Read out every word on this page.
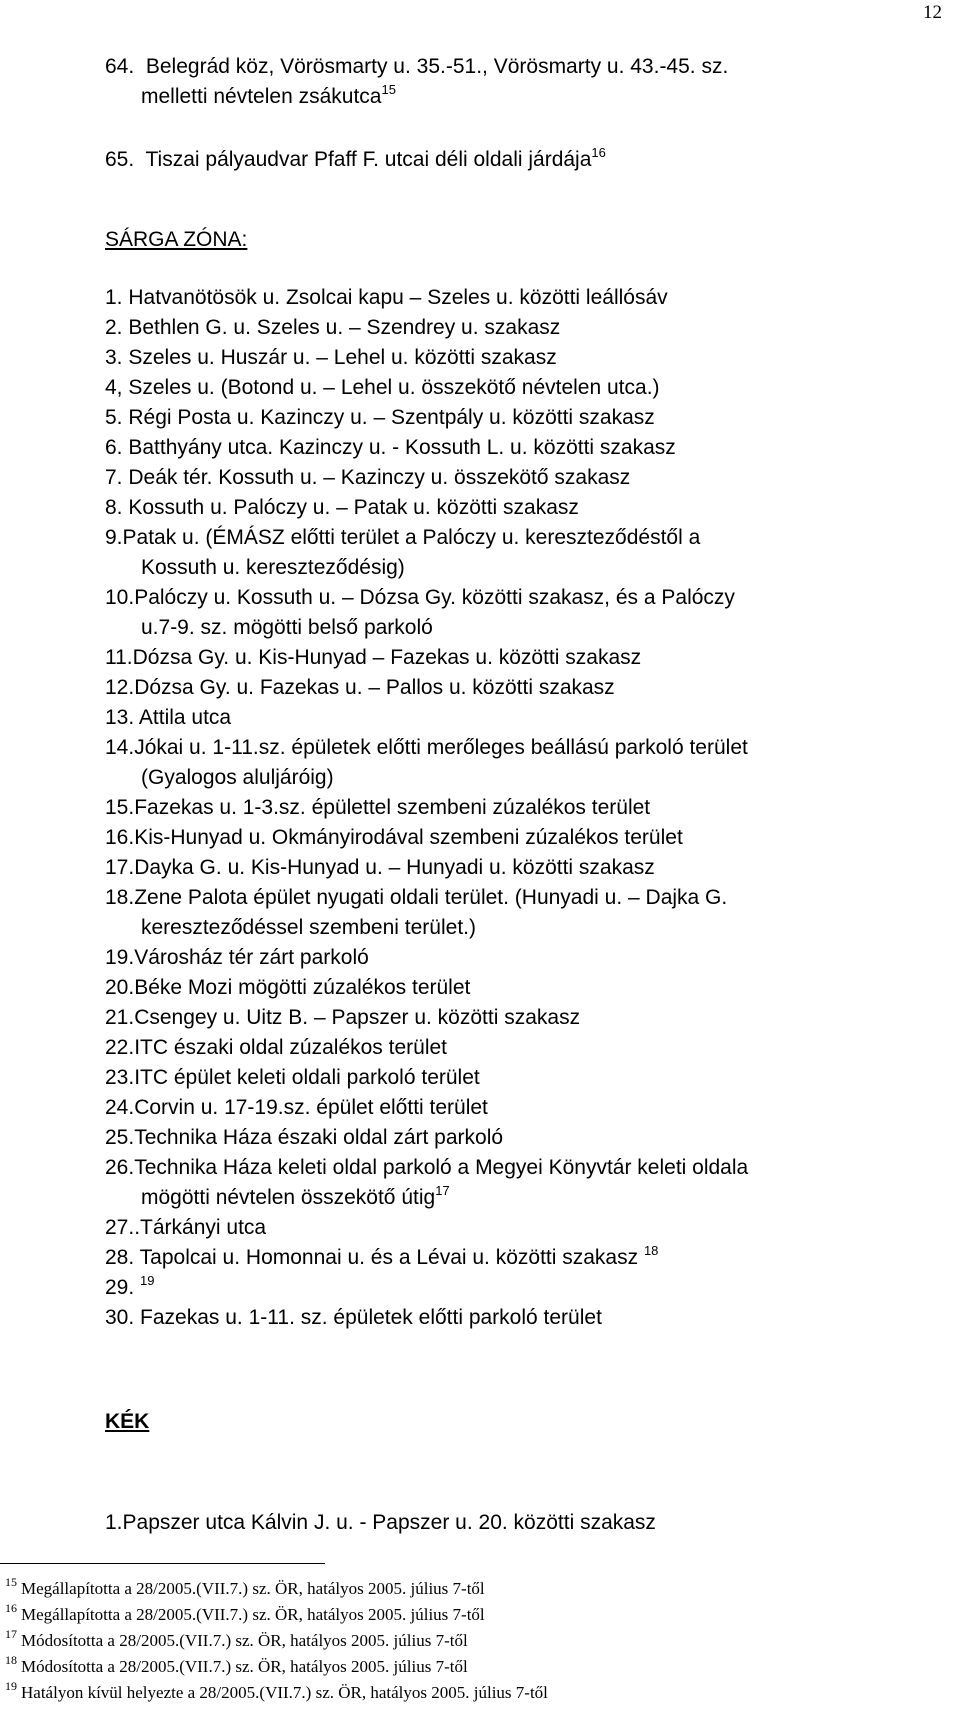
12
64. Belegrád köz, Vörösmarty u. 35.-51., Vörösmarty u. 43.-45. sz.
melletti névtelen zsákutca$^{15}$
65. Tiszai pályaudvar Pfaff F. utcai déli oldali járdája$^{16}$
SÁRGA ZÓNA:
1. Hatvanötösök u. Zsolcai kapu – Szeles u. közötti leállósáv
2. Bethlen G. u. Szeles u. – Szendrey u. szakasz
3. Szeles u. Huszár u. – Lehel u. közötti szakasz
4, Szeles u. (Botond u. – Lehel u. összekötő névtelen utca.)
5. Régi Posta u. Kazinczy u. – Szentpály u. közötti szakasz
6. Batthyány utca. Kazinczy u. - Kossuth L. u. közötti szakasz
7. Deák tér. Kossuth u. – Kazinczy u. összekötő szakasz
8. Kossuth u. Palóczy u. – Patak u. közötti szakasz
9.Patak u. (ÉMÁSZ előtti terület a Palóczy u. kereszteződéstől a
Kossuth u. kereszteződésig)
10.Palóczy u. Kossuth u. – Dózsa Gy. közötti szakasz, és a Palóczy
u.7-9. sz. mögötti belső parkoló
11.Dózsa Gy. u. Kis-Hunyad – Fazekas u. közötti szakasz
12.Dózsa Gy. u. Fazekas u. – Pallos u. közötti szakasz
13. Attila utca
14.Jókai u. 1-11.sz. épületek előtti merőleges beállású parkoló terület
(Gyalogos aluljáróig)
15.Fazekas u. 1-3.sz. épülettel szembeni zúzalékos terület
16.Kis-Hunyad u. Okmányirodával szembeni zúzalékos terület
17.Dayka G. u. Kis-Hunyad u. – Hunyadi u. közötti szakasz
18.Zene Palota épület nyugati oldali terület. (Hunyadi u. – Dajka G.
kereszteződéssel szembeni terület.)
19.Városház tér zárt parkoló
20.Béke Mozi mögötti zúzalékos terület
21.Csengey u. Uitz B. – Papszer u. közötti szakasz
22.ITC északi oldal zúzalékos terület
23.ITC épület keleti oldali parkoló terület
24.Corvin u. 17-19.sz. épület előtti terület
25.Technika Háza északi oldal zárt parkoló
26.Technika Háza keleti oldal parkoló a Megyei Könyvtár keleti oldala
mögötti névtelen összekötő útig$^{17}$
27..Tárkányi utca
28. Tapolcai u. Homonnai u. és a Lévai u. közötti szakasz $^{18}$
29. $^{19}$
30. Fazekas u. 1-11. sz. épületek előtti parkoló terület
KÉK
1.Papszer utca Kálvin J. u. - Papszer u. 20. közötti szakasz
$^{15}$ Megállapította a 28/2005.(VII.7.) sz. ÖR, hatályos 2005. július 7-től
$^{16}$ Megállapította a 28/2005.(VII.7.) sz. ÖR, hatályos 2005. július 7-től
$^{17}$ Módosította a 28/2005.(VII.7.) sz. ÖR, hatályos 2005. július 7-től
$^{18}$ Módosította a 28/2005.(VII.7.) sz. ÖR, hatályos 2005. július 7-től
$^{19}$ Hatályon kívül helyezte a 28/2005.(VII.7.) sz. ÖR, hatályos 2005. július 7-től
